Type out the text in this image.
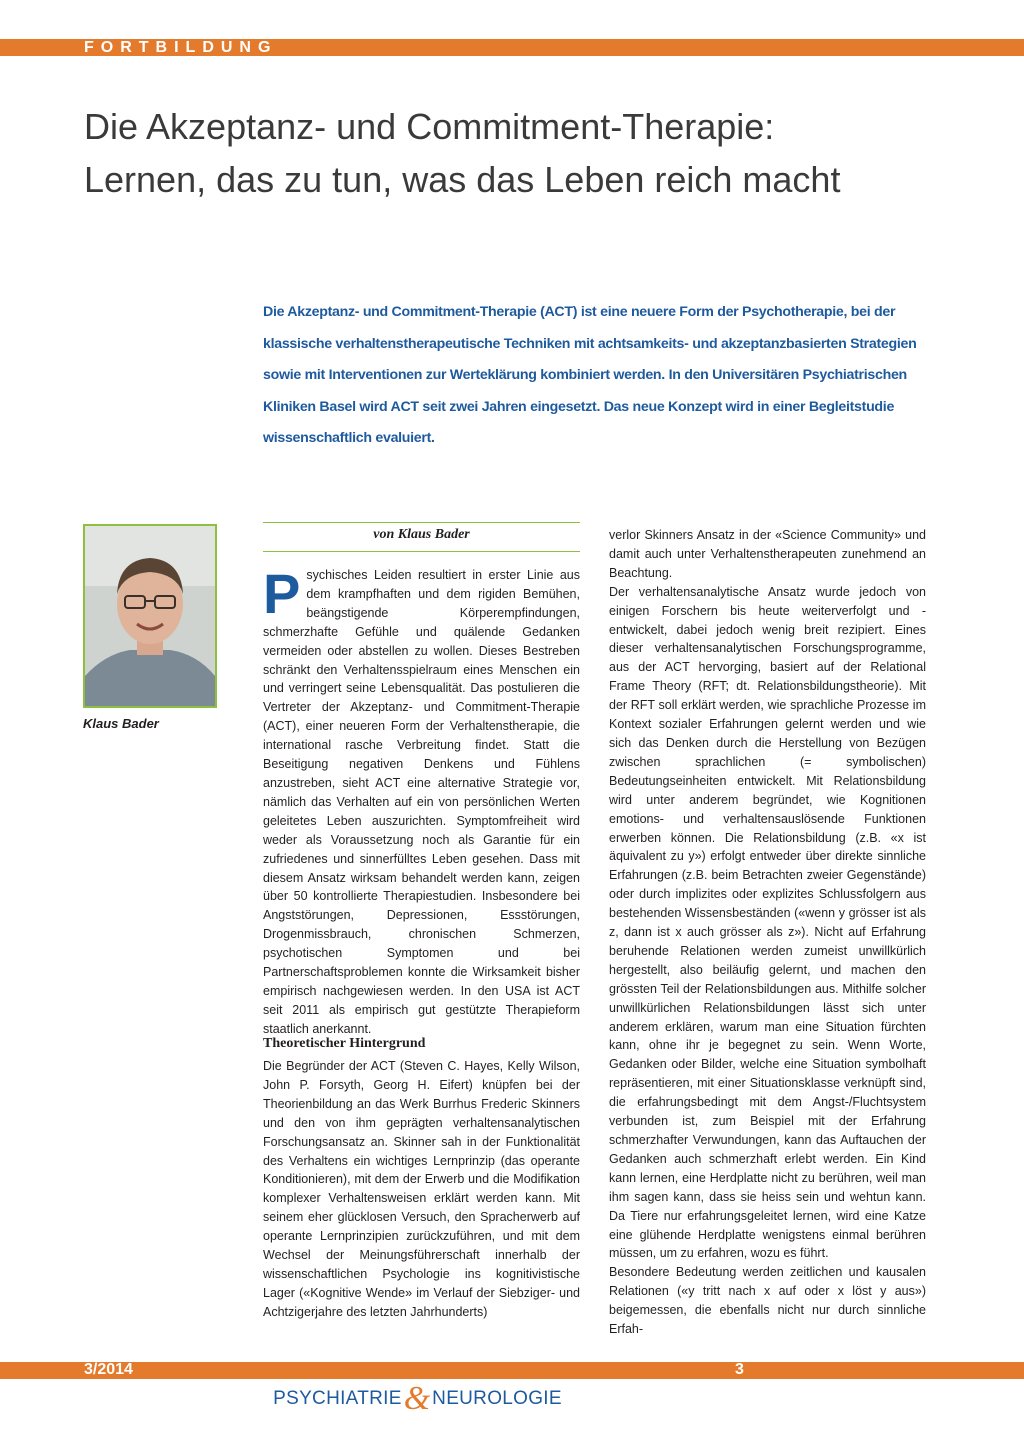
FORTBILDUNG
Die Akzeptanz- und Commitment-Therapie:
Lernen, das zu tun, was das Leben reich macht

Die Akzeptanz- und Commitment-Therapie (ACT) ist eine neuere Form der Psychotherapie, bei der klassische verhaltenstherapeutische Techniken mit achtsamkeits- und akzeptanzbasierten Strategien sowie mit Interventionen zur Werteklärung kombiniert werden. In den Universitären Psychiatrischen Kliniken Basel wird ACT seit zwei Jahren eingesetzt. Das neue Konzept wird in einer Begleitstudie wissenschaftlich evaluiert.

Klaus Bader
von Klaus Bader
Psychisches Leiden resultiert in erster Linie aus dem krampfhaften und dem rigiden Bemühen, beängstigende Körperempfindungen, schmerzhafte Gefühle und quälende Gedanken vermeiden oder abstellen zu wollen. Dieses Bestreben schränkt den Verhaltensspielraum eines Menschen ein und verringert seine Lebensqualität. Das postulieren die Vertreter der Akzeptanz- und Commitment-Therapie (ACT), einer neueren Form der Verhaltenstherapie, die international rasche Verbreitung findet. Statt die Beseitigung negativen Denkens und Fühlens anzustreben, sieht ACT eine alternative Strategie vor, nämlich das Verhalten auf ein von persönlichen Werten geleitetes Leben auszurichten. Symptomfreiheit wird weder als Voraussetzung noch als Garantie für ein zufriedenes und sinnerfülltes Leben gesehen. Dass mit diesem Ansatz wirksam behandelt werden kann, zeigen über 50 kontrollierte Therapiestudien. Insbesondere bei Angststörungen, Depressionen, Essstörungen, Drogenmissbrauch, chronischen Schmerzen, psychotischen Symptomen und bei Partnerschaftsproblemen konnte die Wirksamkeit bisher empirisch nachgewiesen werden. In den USA ist ACT seit 2011 als empirisch gut gestützte Therapieform staatlich anerkannt.
Theoretischer Hintergrund

Die Begründer der ACT (Steven C. Hayes, Kelly Wilson, John P. Forsyth, Georg H. Eifert) knüpfen bei der Theorienbildung an das Werk Burrhus Frederic Skinners und den von ihm geprägten verhaltensanalytischen Forschungsansatz an. Skinner sah in der Funktionalität des Verhaltens ein wichtiges Lernprinzip (das operante Konditionieren), mit dem der Erwerb und die Modifikation komplexer Verhaltensweisen erklärt werden kann. Mit seinem eher glücklosen Versuch, den Spracherwerb auf operante Lernprinzipien zurückzuführen, und mit dem Wechsel der Meinungsführerschaft innerhalb der wissenschaftlichen Psychologie ins kognitivistische Lager («Kognitive Wende» im Verlauf der Siebziger- und Achtzigerjahre des letzten Jahrhunderts)

verlor Skinners Ansatz in der «Science Community» und damit auch unter Verhaltenstherapeuten zunehmend an Beachtung.
Der verhaltensanalytische Ansatz wurde jedoch von einigen Forschern bis heute weiterverfolgt und -entwickelt, dabei jedoch wenig breit rezipiert. Eines dieser verhaltensanalytischen Forschungsprogramme, aus der ACT hervorging, basiert auf der Relational Frame Theory (RFT; dt. Relationsbildungstheorie). Mit der RFT soll erklärt werden, wie sprachliche Prozesse im Kontext sozialer Erfahrungen gelernt werden und wie sich das Denken durch die Herstellung von Bezügen zwischen sprachlichen (= symbolischen) Bedeutungseinheiten entwickelt. Mit Relationsbildung wird unter anderem begründet, wie Kognitionen emotions- und verhaltensauslösende Funktionen erwerben können. Die Relationsbildung (z.B. «x ist äquivalent zu y») erfolgt entweder über direkte sinnliche Erfahrungen (z.B. beim Betrachten zweier Gegenstände) oder durch implizites oder explizites Schlussfolgern aus bestehenden Wissensbeständen («wenn y grösser ist als z, dann ist x auch grösser als z»). Nicht auf Erfahrung beruhende Relationen werden zumeist unwillkürlich hergestellt, also beiläufig gelernt, und machen den grössten Teil der Relationsbildungen aus. Mithilfe solcher unwillkürlichen Relationsbildungen lässt sich unter anderem erklären, warum man eine Situation fürchten kann, ohne ihr je begegnet zu sein. Wenn Worte, Gedanken oder Bilder, welche eine Situation symbolhaft repräsentieren, mit einer Situationsklasse verknüpft sind, die erfahrungsbedingt mit dem Angst-/Fluchtsystem verbunden ist, zum Beispiel mit der Erfahrung schmerzhafter Verwundungen, kann das Auftauchen der Gedanken auch schmerzhaft erlebt werden. Ein Kind kann lernen, eine Herdplatte nicht zu berühren, weil man ihm sagen kann, dass sie heiss sein und wehtun kann. Da Tiere nur erfahrungsgeleitet lernen, wird eine Katze eine glühende Herdplatte wenigstens einmal berühren müssen, um zu erfahren, wozu es führt.
Besondere Bedeutung werden zeitlichen und kausalen Relationen («y tritt nach x auf oder x löst y aus») beigemessen, die ebenfalls nicht nur durch sinnliche Erfah-
3/2014	3
PSYCHIATRIE& NEUROLOGIE
